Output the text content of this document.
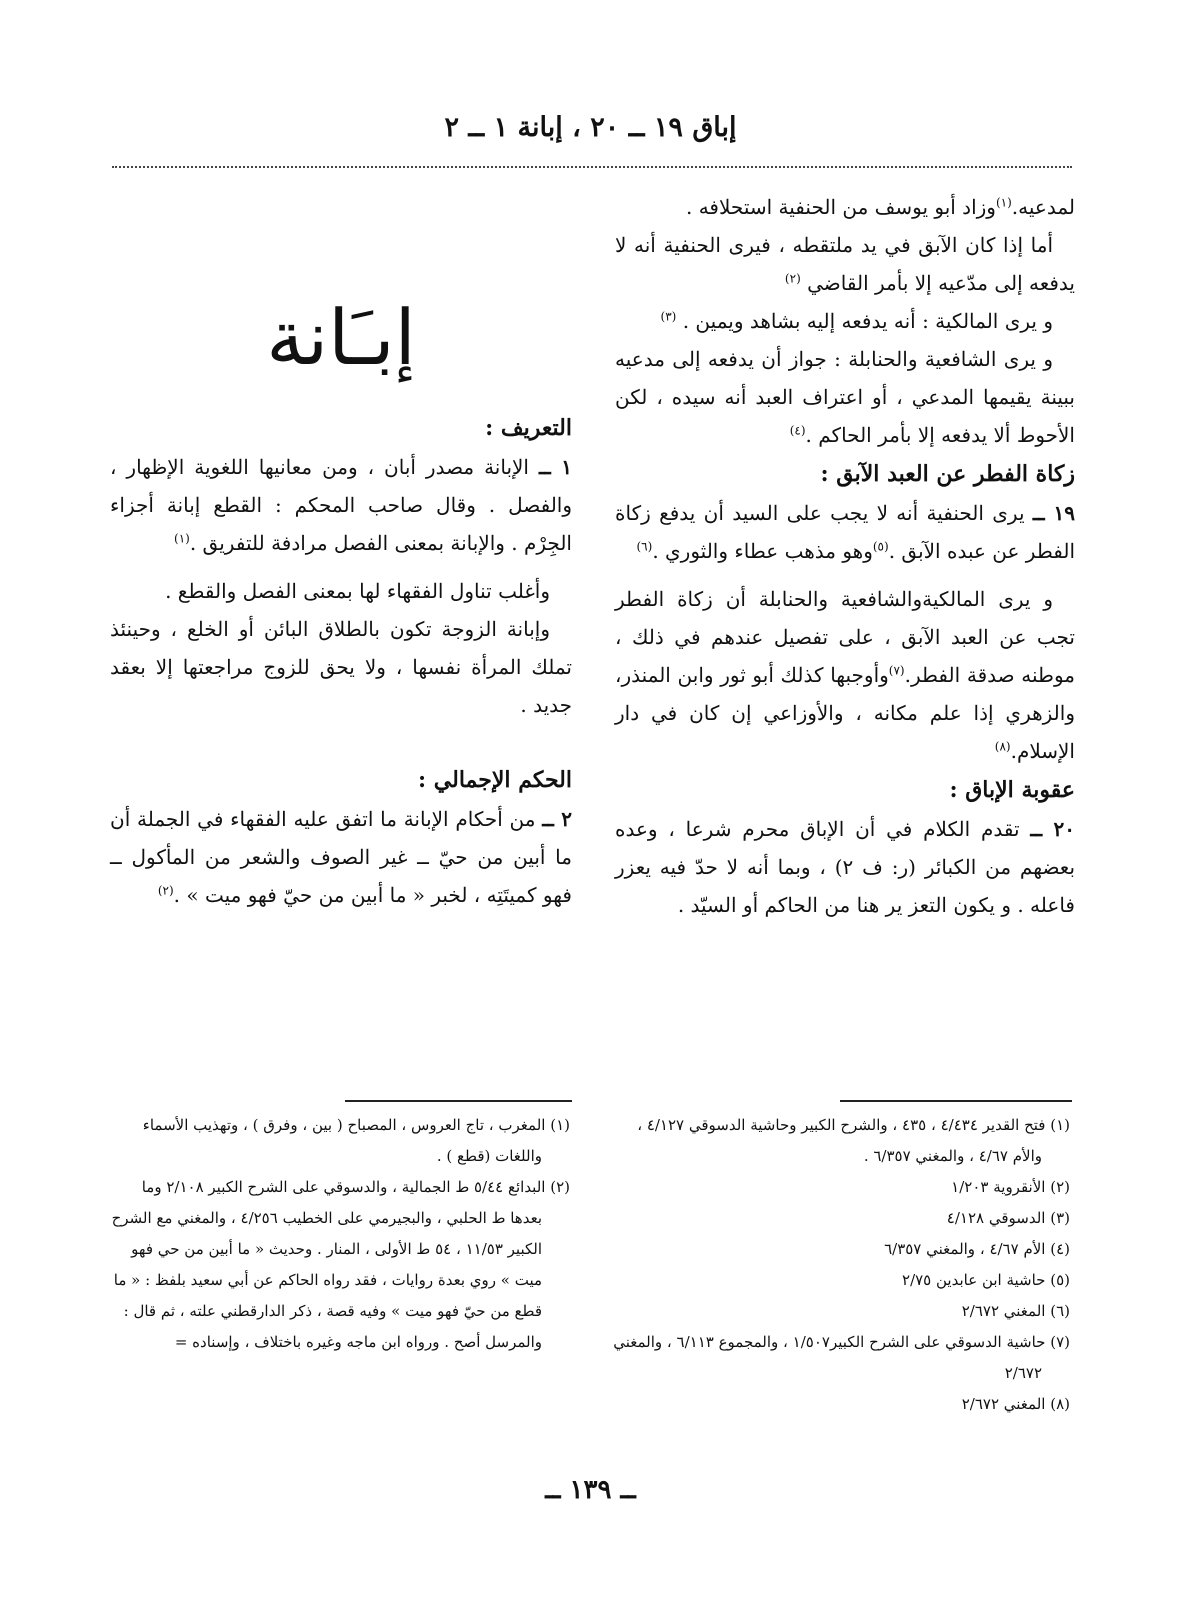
إباق ١٩ ــ ٢٠ ، إبانة ١ ــ ٢

لمدعيه.$^{(١)}$وزاد أبو يوسف من الحنفية استحلافه .

أما إذا كان الآبق في يد ملتقطه ، فيرى الحنفية أنه لا يدفعه إلى مدّعيه إلا بأمر القاضي $^{(٢)}$

و يرى المالكية : أنه يدفعه إليه بشاهد ويمين . $^{(٣)}$

و يرى الشافعية والحنابلة : جواز أن يدفعه إلى مدعيه ببينة يقيمها المدعي ، أو اعتراف العبد أنه سيده ، لكن الأحوط ألا يدفعه إلا بأمر الحاكم .$^{(٤)}$

زكاة الفطر عن العبد الآبق :

١٩ ــ يرى الحنفية أنه لا يجب على السيد أن يدفع زكاة الفطر عن عبده الآبق .$^{(٥)}$وهو مذهب عطاء والثوري .$^{(٦)}$

و يرى المالكيةوالشافعية والحنابلة أن زكاة الفطر تجب عن العبد الآبق ، على تفصيل عندهم في ذلك ، موطنه صدقة الفطر.$^{(٧)}$وأوجبها كذلك أبو ثور وابن المنذر، والزهري إذا علم مكانه ، والأوزاعي إن كان في دار الإسلام.$^{(٨)}$

عقوبة الإباق :

٢٠ ــ تقدم الكلام في أن الإباق محرم شرعا ، وعده بعضهم من الكبائر (ر: ف ٢) ، وبما أنه لا حدّ فيه يعزر فاعله . و يكون التعز ير هنا من الحاكم أو السيّد .

إبـَانة

التعريف :

١ ــ الإبانة مصدر أبان ، ومن معانيها اللغوية الإظهار ، والفصل . وقال صاحب المحكم : القطع إبانة أجزاء الجِرْم . والإبانة بمعنى الفصل مرادفة للتفريق .$^{(١)}$

وأغلب تناول الفقهاء لها بمعنى الفصل والقطع .

وإبانة الزوجة تكون بالطلاق البائن أو الخلع ، وحينئذ تملك المرأة نفسها ، ولا يحق للزوج مراجعتها إلا بعقد جديد .

الحكم الإجمالي :

٢ ــ من أحكام الإبانة ما اتفق عليه الفقهاء في الجملة أن ما أبين من حيّ ــ غير الصوف والشعر من المأكول ــ فهو كميتَتِه ، لخبر « ما أبين من حيّ فهو ميت » .$^{(٢)}$

(١) فتح القدير ٤/٤٣٤ ، ٤٣٥ ، والشرح الكبير وحاشية الدسوقي ٤/١٢٧ ، والأم ٤/٦٧ ، والمغني ٦/٣٥٧ .

(٢) الأنقروية ١/٢٠٣

(٣) الدسوقي ٤/١٢٨

(٤) الأم ٤/٦٧ ، والمغني ٦/٣٥٧

(٥) حاشية ابن عابدين ٢/٧٥

(٦) المغني ٢/٦٧٢

(٧) حاشية الدسوقي على الشرح الكبير١/٥٠٧ ، والمجموع ٦/١١٣ ، والمغني ٢/٦٧٢

(٨) المغني ٢/٦٧٢

(١) المغرب ، تاج العروس ، المصباح ( بين ، وفرق ) ، وتهذيب الأسماء واللغات (قطع ) .

(٢) البدائع ٥/٤٤ ط الجمالية ، والدسوقي على الشرح الكبير ٢/١٠٨ وما بعدها ط الحلبي ، والبجيرمي على الخطيب ٤/٢٥٦ ، والمغني مع الشرح الكبير ١١/٥٣ ، ٥٤ ط الأولى ، المنار . وحديث « ما أبين من حي فهو ميت » روي بعدة روايات ، فقد رواه الحاكم عن أبي سعيد بلفظ : « ما قطع من حيّ فهو ميت » وفيه قصة ، ذكر الدارقطني علته ، ثم قال : والمرسل أصح . ورواه ابن ماجه وغيره باختلاف ، وإسناده =

ــ ١٣٩ ــ
